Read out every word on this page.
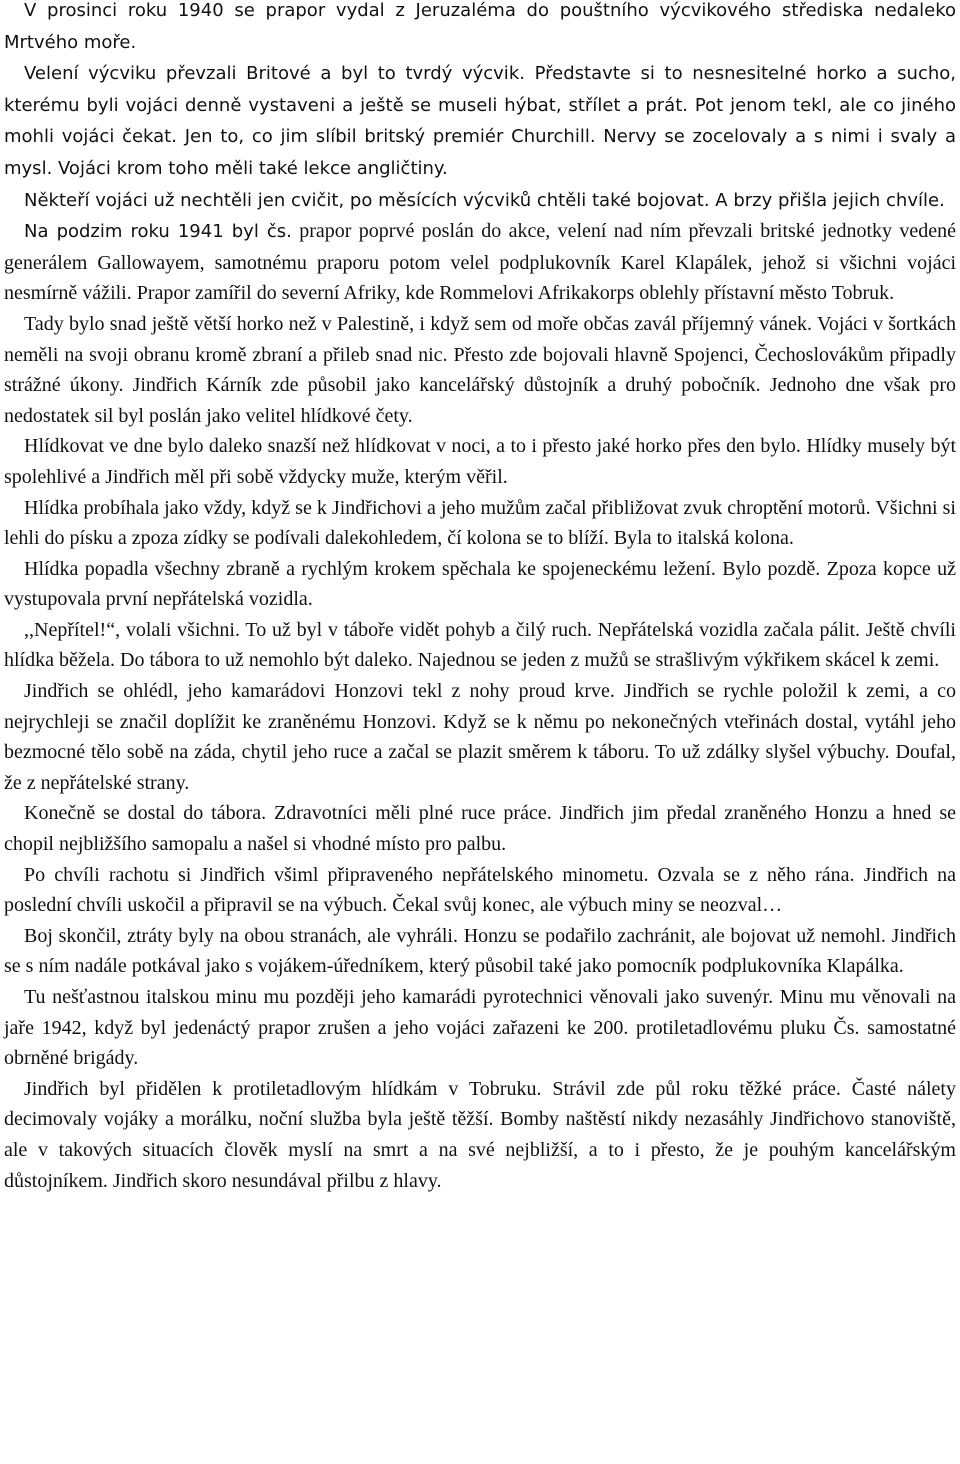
V prosinci roku 1940 se prapor vydal z Jeruzaléma do pouštního výcvikového střediska nedaleko Mrtvého moře.

Velení výcviku převzali Britové a byl to tvrdý výcvik. Představte si to nesnesitelné horko a sucho, kterému byli vojáci denně vystaveni a ještě se museli hýbat, střílet a prát. Pot jenom tekl, ale co jiného mohli vojáci čekat. Jen to, co jim slíbil britský premiér Churchill. Nervy se zocelovaly a s nimi i svaly a mysl. Vojáci krom toho měli také lekce angličtiny.

Někteří vojáci už nechtěli jen cvičit, po měsících výcviků chtěli také bojovat. A brzy přišla jejich chvíle.

Na podzim roku 1941 byl čs. prapor poprvé poslán do akce, velení nad ním převzali britské jednotky vedené generálem Gallowayem, samotnému praporu potom velel podplukovník Karel Klapálek, jehož si všichni vojáci nesmírně vážili. Prapor zamířil do severní Afriky, kde Rommelovi Afrikakorps oblehly přístavní město Tobruk.

Tady bylo snad ještě větší horko než v Palestině, i když sem od moře občas zavál příjemný vánek. Vojáci v šortkách neměli na svoji obranu kromě zbraní a přileb snad nic. Přesto zde bojovali hlavně Spojenci, Čechoslovákům připadly strážné úkony. Jindřich Kárník zde působil jako kancelářský důstojník a druhý pobočník. Jednoho dne však pro nedostatek sil byl poslán jako velitel hlídkové čety.

Hlídkovat ve dne bylo daleko snazší než hlídkovat v noci, a to i přesto jaké horko přes den bylo. Hlídky musely být spolehlivé a Jindřich měl při sobě vždycky muže, kterým věřil.

Hlídka probíhala jako vždy, když se k Jindřichovi a jeho mužům začal přibližovat zvuk chroptění motorů. Všichni si lehli do písku a zpoza zídky se podívali dalekohledem, čí kolona se to blíží. Byla to italská kolona.

Hlídka popadla všechny zbraně a rychlým krokem spěchala ke spojeneckému ležení. Bylo pozdě. Zpoza kopce už vystupovala první nepřátelská vozidla.

,,Nepřítel!“, volali všichni. To už byl v táboře vidět pohyb a čilý ruch. Nepřátelská vozidla začala pálit. Ještě chvíli hlídka běžela. Do tábora to už nemohlo být daleko. Najednou se jeden z mužů se strašlivým výkřikem skácel k zemi.

Jindřich se ohlédl, jeho kamarádovi Honzovi tekl z nohy proud krve. Jindřich se rychle položil k zemi, a co nejrychleji se značil doplížit ke zraněnému Honzovi. Když se k němu po nekonečných vteřinách dostal, vytáhl jeho bezmocné tělo sobě na záda, chytil jeho ruce a začal se plazit směrem k táboru. To už zdálky slyšel výbuchy. Doufal, že z nepřátelské strany.

Konečně se dostal do tábora. Zdravotníci měli plné ruce práce. Jindřich jim předal zraněného Honzu a hned se chopil nejbližšího samopalu a našel si vhodné místo pro palbu.

Po chvíli rachotu si Jindřich všiml připraveného nepřátelského minometu. Ozvala se z něho rána. Jindřich na poslední chvíli uskočil a připravil se na výbuch. Čekal svůj konec, ale výbuch miny se neozval…

Boj skončil, ztráty byly na obou stranách, ale vyhráli. Honzu se podařilo zachránit, ale bojovat už nemohl. Jindřich se s ním nadále potkával jako s vojákem-úředníkem, který působil také jako pomocník podplukovníka Klapálka.

Tu nešťastnou italskou minu mu později jeho kamarádi pyrotechnici věnovali jako suvenýr. Minu mu věnovali na jaře 1942, když byl jedenáctý prapor zrušen a jeho vojáci zařazeni ke 200. protiletadlovému pluku Čs. samostatné obrněné brigády.

Jindřich byl přidělen k protiletadlovým hlídkám v Tobruku. Strávil zde půl roku těžké práce. Časté nálety decimovaly vojáky a morálku, noční služba byla ještě těžší. Bomby naštěstí nikdy nezasáhly Jindřichovo stanoviště, ale v takových situacích člověk myslí na smrt a na své nejbližší, a to i přesto, že je pouhým kancelářským důstojníkem. Jindřich skoro nesundával přilbu z hlavy.
